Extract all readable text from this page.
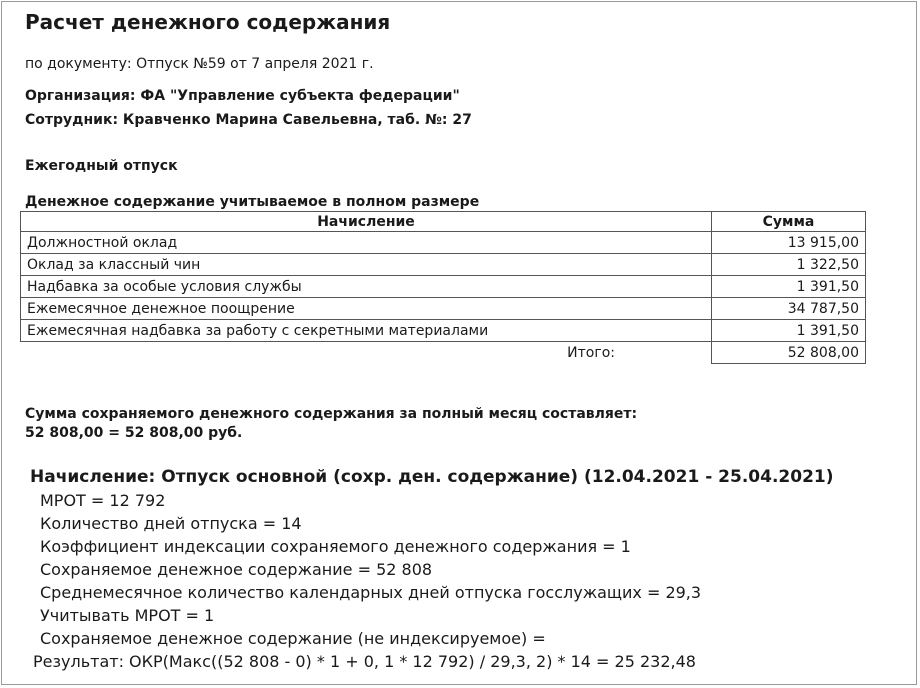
Расчет денежного содержания
по документу: Отпуск №59 от 7 апреля 2021 г.
Организация: ФА "Управление субъекта федерации"
Сотрудник: Кравченко Марина Савельевна, таб. №: 27
Ежегодный отпуск
Денежное содержание учитываемое в полном размере
Начисление	Сумма
Должностной оклад	13 915,00
Оклад за классный чин	1 322,50
Надбавка за особые условия службы	1 391,50
Ежемесячное денежное поощрение	34 787,50
Ежемесячная надбавка за работу с секретными материалами	1 391,50
Итого:	52 808,00
Сумма сохраняемого денежного содержания за полный месяц составляет:
52 808,00 = 52 808,00 руб.
Начисление: Отпуск основной (сохр. ден. содержание) (12.04.2021 - 25.04.2021)
МРОТ = 12 792
Количество дней отпуска = 14
Коэффициент индексации сохраняемого денежного содержания = 1
Сохраняемое денежное содержание = 52 808
Среднемесячное количество календарных дней отпуска госслужащих = 29,3
Учитывать МРОТ = 1
Сохраняемое денежное содержание (не индексируемое) =
Результат: ОКР(Макс((52 808 - 0) * 1 + 0, 1 * 12 792) / 29,3, 2) * 14 = 25 232,48
